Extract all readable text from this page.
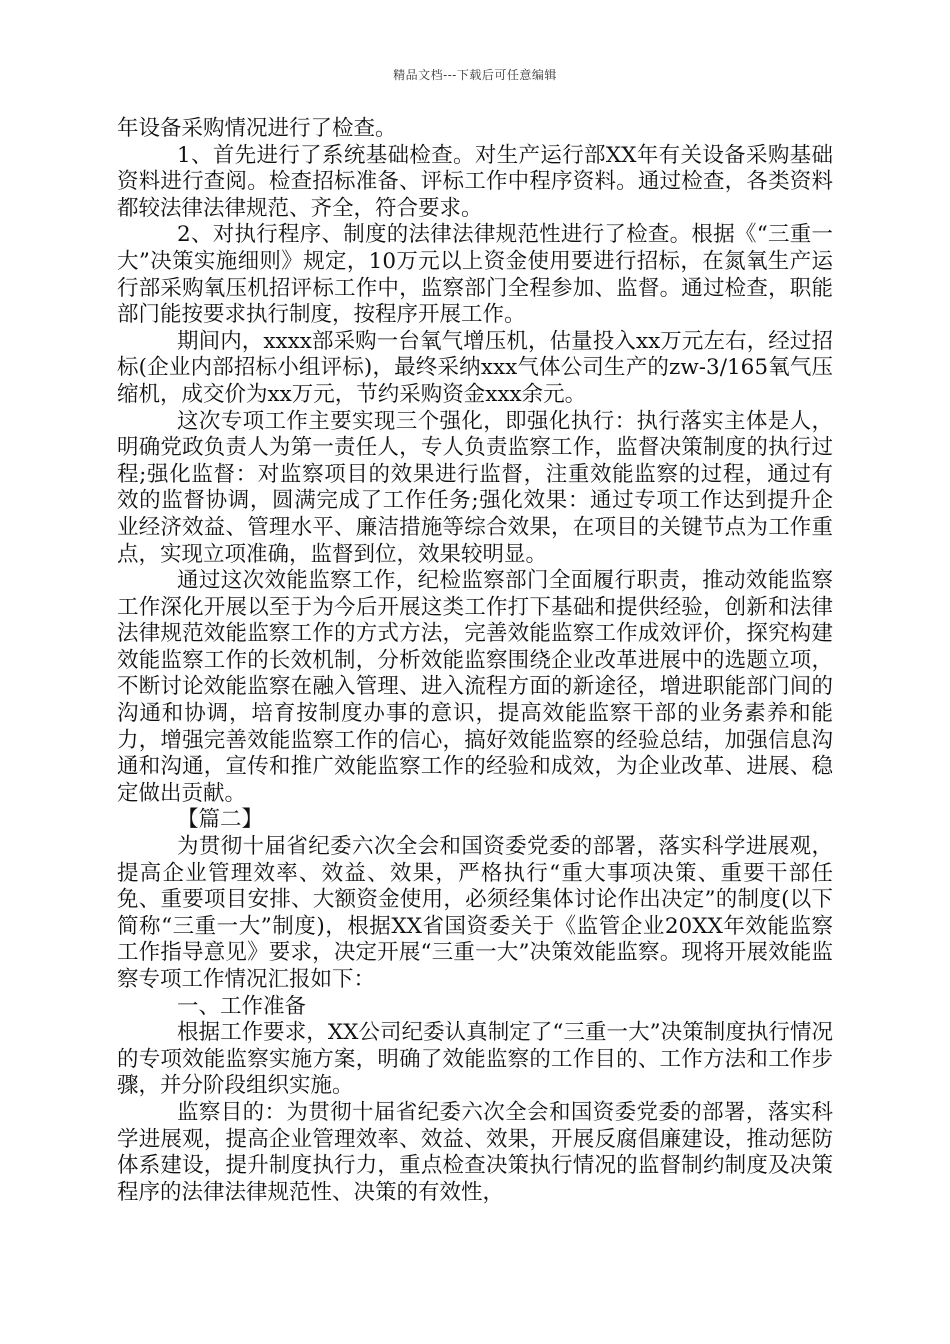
精品文档---下载后可任意编辑

年设备采购情况进行了检查。

1、首先进行了系统基础检查。对生产运行部XX年有关设备采购基础资料进行查阅。检查招标准备、评标工作中程序资料。通过检查，各类资料都较法律法律规范、齐全，符合要求。

2、对执行程序、制度的法律法律规范性进行了检查。根据《“三重一大”决策实施细则》规定，10万元以上资金使用要进行招标，在氮氧生产运行部采购氧压机招评标工作中，监察部门全程参加、监督。通过检查，职能部门能按要求执行制度，按程序开展工作。

期间内，xxxx部采购一台氧气增压机，估量投入xx万元左右，经过招标(企业内部招标小组评标)，最终采纳xxx气体公司生产的zw-3/165氧气压缩机，成交价为xx万元，节约采购资金xxx余元。

这次专项工作主要实现三个强化，即强化执行：执行落实主体是人，明确党政负责人为第一责任人，专人负责监察工作，监督决策制度的执行过程;强化监督：对监察项目的效果进行监督，注重效能监察的过程，通过有效的监督协调，圆满完成了工作任务;强化效果：通过专项工作达到提升企业经济效益、管理水平、廉洁措施等综合效果，在项目的关键节点为工作重点，实现立项准确，监督到位，效果较明显。

通过这次效能监察工作，纪检监察部门全面履行职责，推动效能监察工作深化开展以至于为今后开展这类工作打下基础和提供经验，创新和法律法律规范效能监察工作的方式方法，完善效能监察工作成效评价，探究构建效能监察工作的长效机制，分析效能监察围绕企业改革进展中的选题立项，不断讨论效能监察在融入管理、进入流程方面的新途径，增进职能部门间的沟通和协调，培育按制度办事的意识，提高效能监察干部的业务素养和能力，增强完善效能监察工作的信心，搞好效能监察的经验总结，加强信息沟通和沟通，宣传和推广效能监察工作的经验和成效，为企业改革、进展、稳定做出贡献。

【篇二】

为贯彻十届省纪委六次全会和国资委党委的部署，落实科学进展观，提高企业管理效率、效益、效果，严格执行“重大事项决策、重要干部任免、重要项目安排、大额资金使用，必须经集体讨论作出决定”的制度(以下简称“三重一大”制度)，根据XX省国资委关于《监管企业20XX年效能监察工作指导意见》要求，决定开展“三重一大”决策效能监察。现将开展效能监察专项工作情况汇报如下：

一、工作准备

根据工作要求，XX公司纪委认真制定了“三重一大”决策制度执行情况的专项效能监察实施方案，明确了效能监察的工作目的、工作方法和工作步骤，并分阶段组织实施。

监察目的：为贯彻十届省纪委六次全会和国资委党委的部署，落实科学进展观，提高企业管理效率、效益、效果，开展反腐倡廉建设，推动惩防体系建设，提升制度执行力，重点检查决策执行情况的监督制约制度及决策程序的法律法律规范性、决策的有效性，
